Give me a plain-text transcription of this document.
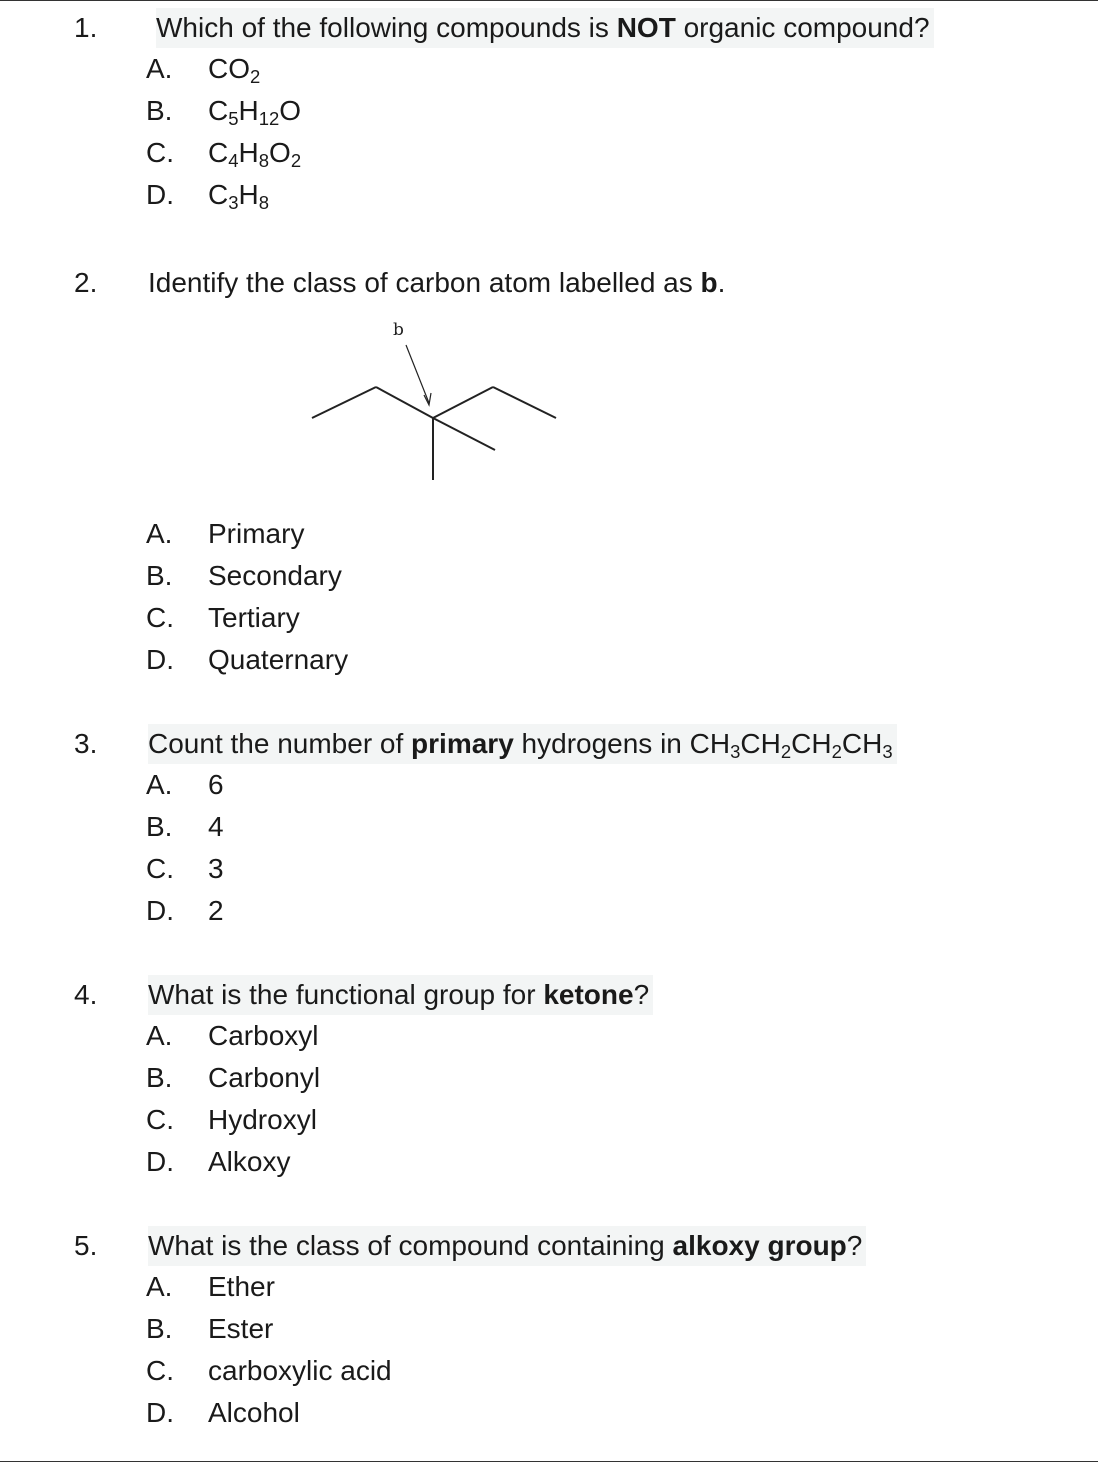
1. Which of the following compounds is NOT organic compound?
A. $CO_2$
B. $C_5H_{12}O$
C. $C_4H_8O_2$
D. $C_3H_8$
2. Identify the class of carbon atom labelled as b.
b
A. Primary
B. Secondary
C. Tertiary
D. Quaternary
3. Count the number of primary hydrogens in $CH_3CH_2CH_2CH_3$
A. 6
B. 4
C. 3
D. 2
4. What is the functional group for ketone?
A. Carboxyl
B. Carbonyl
C. Hydroxyl
D. Alkoxy
5. What is the class of compound containing alkoxy group?
A. Ether
B. Ester
C. carboxylic acid
D. Alcohol
